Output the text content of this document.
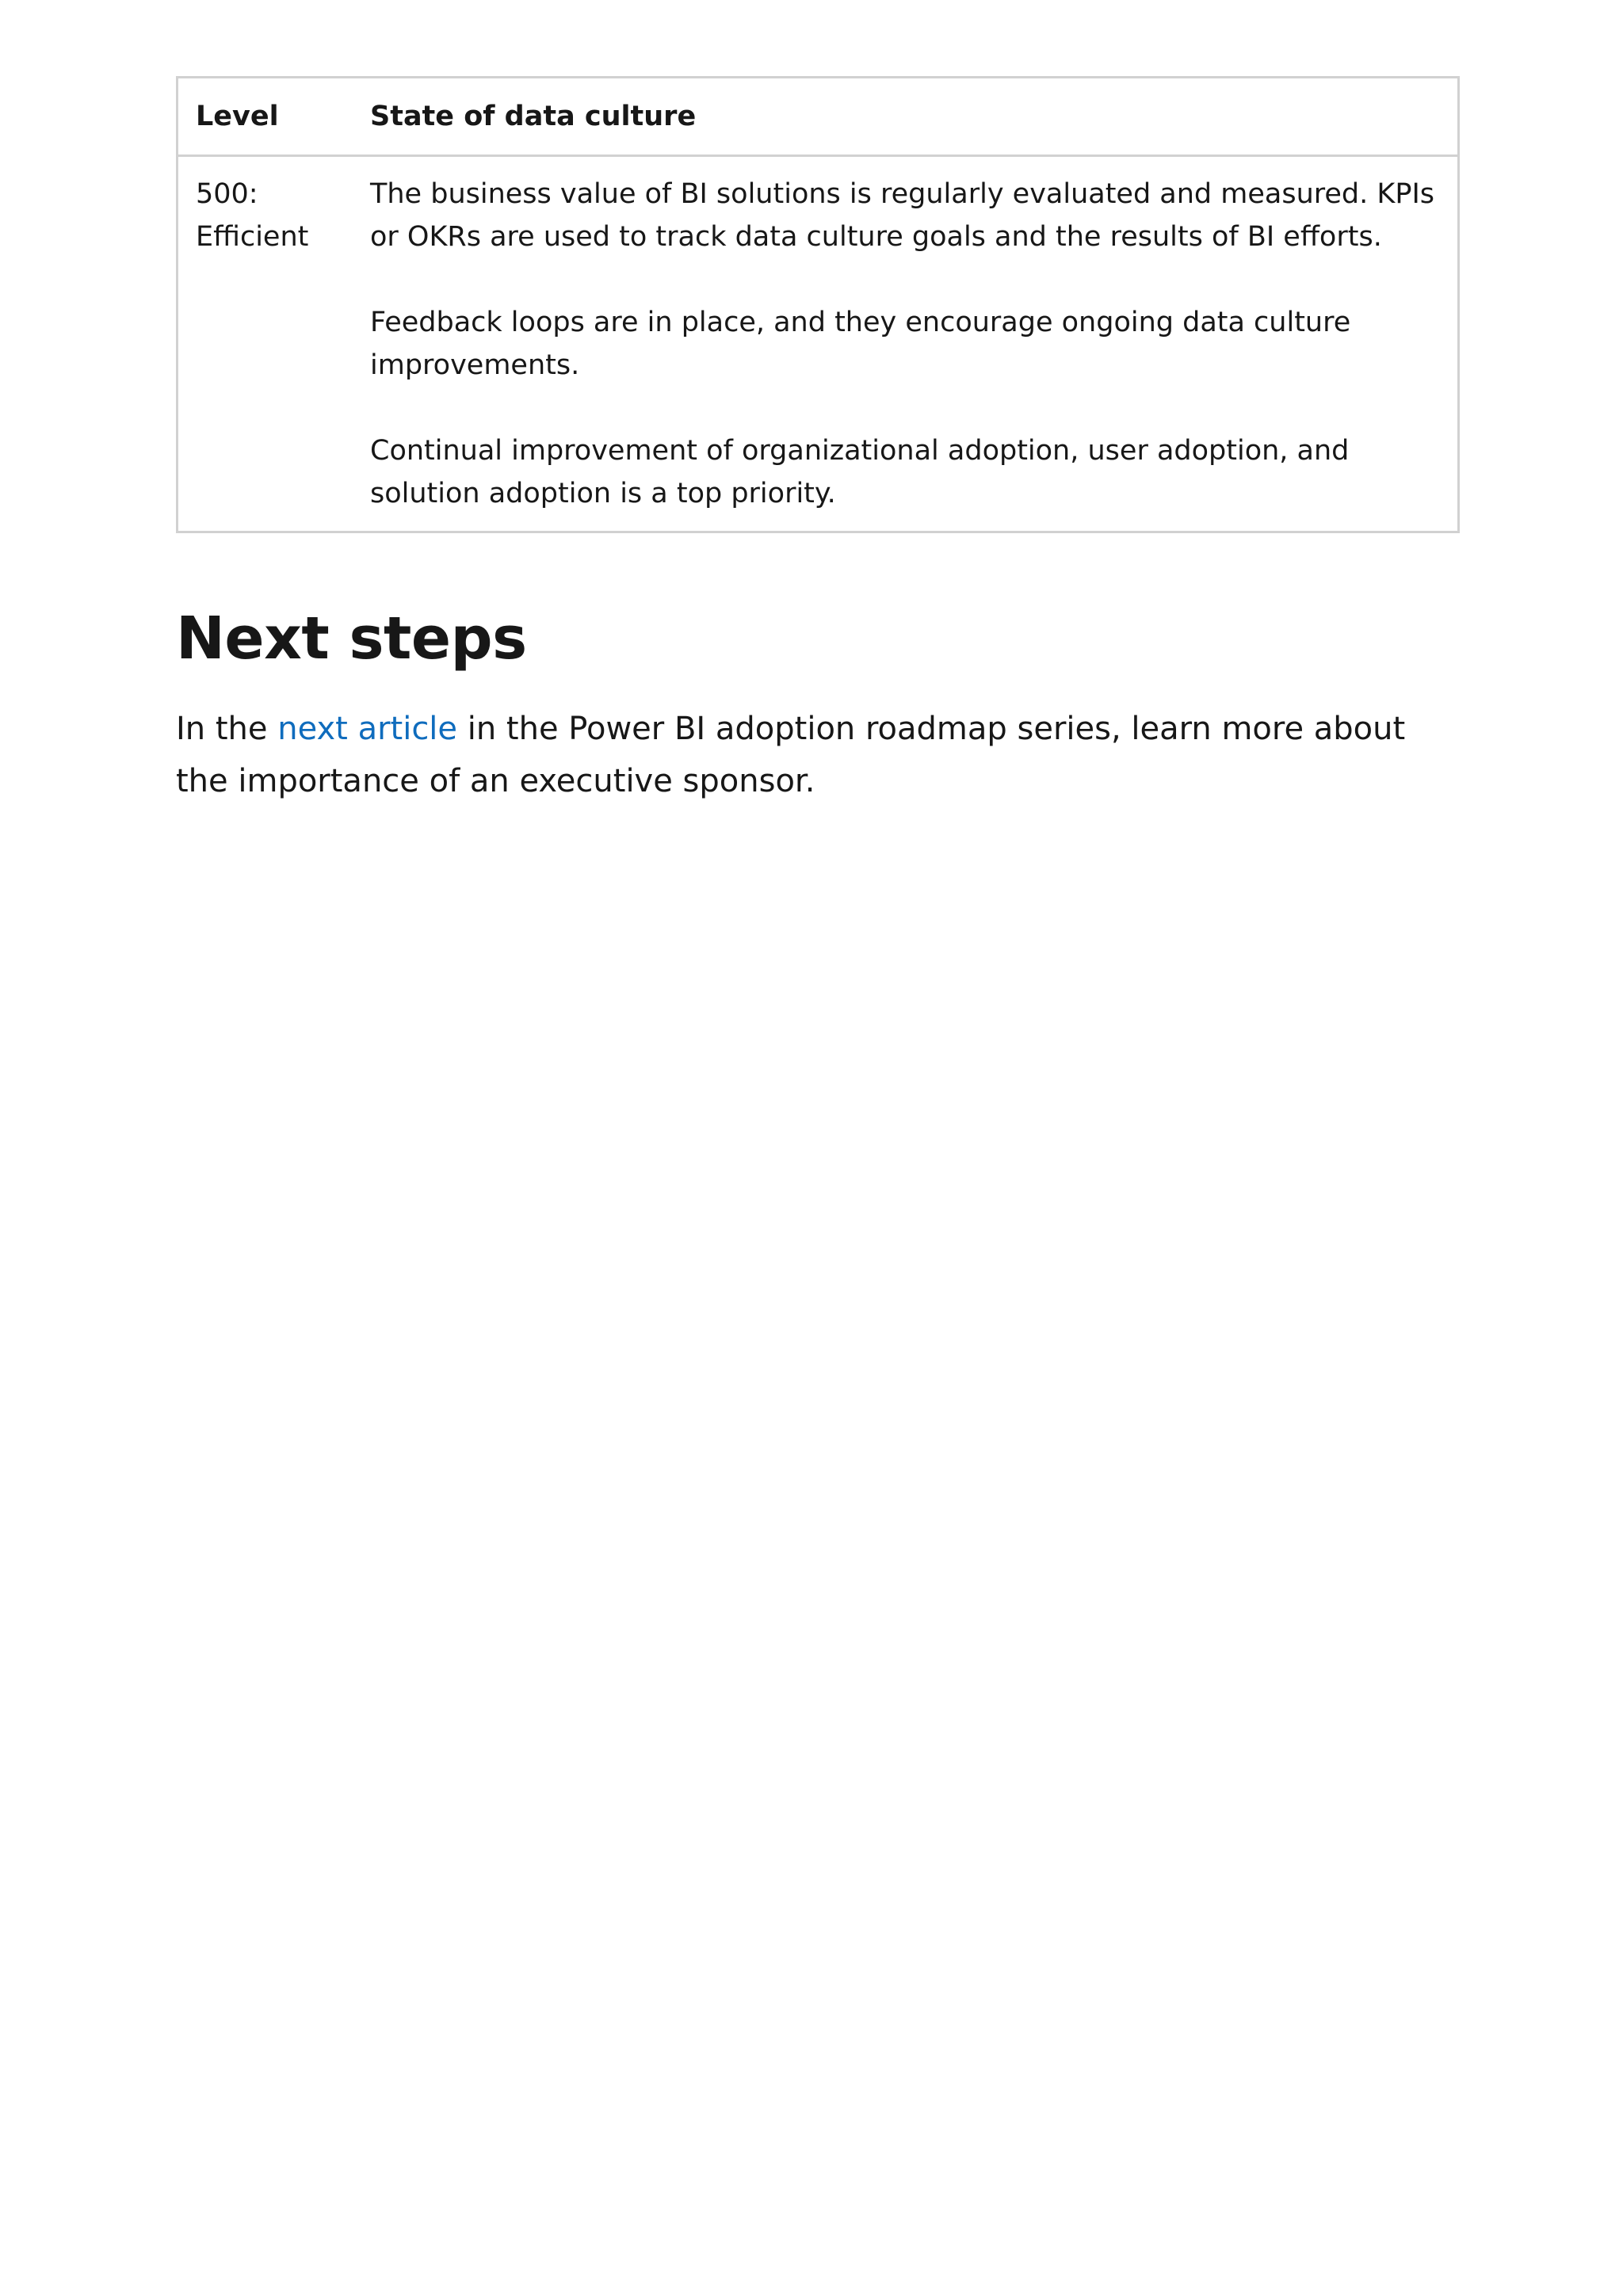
Level	State of data culture
500:
Efficient	The business value of BI solutions is regularly evaluated and measured. KPIs or OKRs are used to track data culture goals and the results of BI efforts.
Feedback loops are in place, and they encourage ongoing data culture improvements.
Continual improvement of organizational adoption, user adoption, and solution adoption is a top priority.
Next steps

In the next article in the Power BI adoption roadmap series, learn more about the importance of an executive sponsor.
